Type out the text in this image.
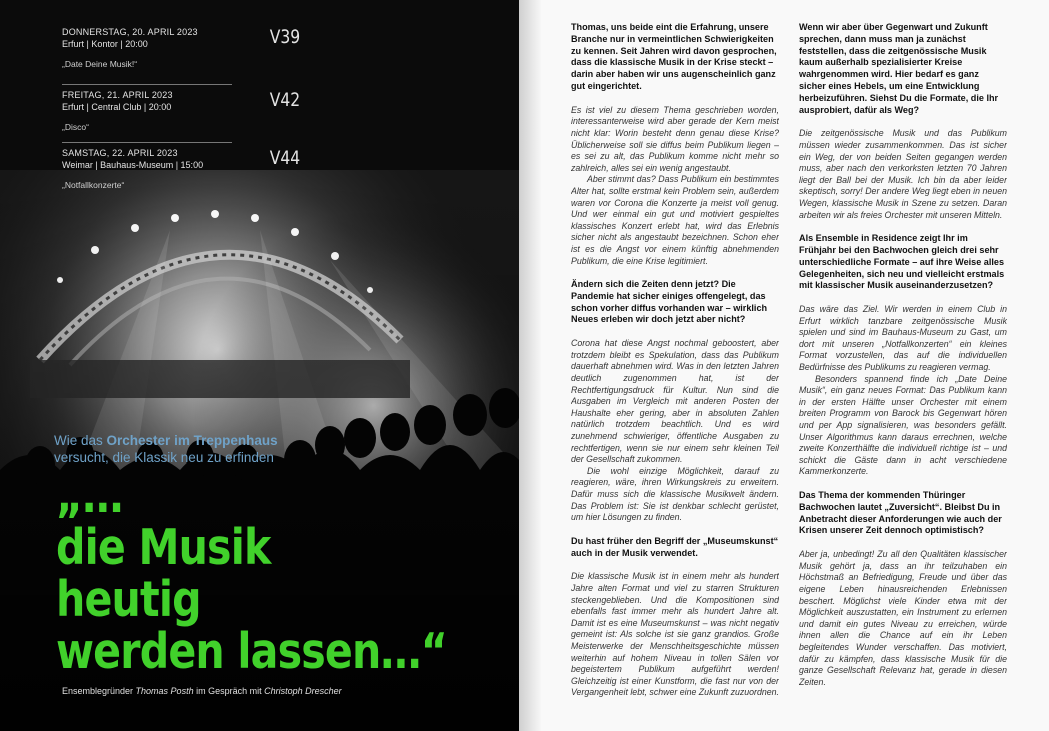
DONNERSTAG, 20. APRIL 2023
Erfurt | Kontor | 20:00
„Date Deine Musik!“
V39
FREITAG, 21. APRIL 2023
Erfurt | Central Club | 20:00
„Disco“
V42
SAMSTAG, 22. APRIL 2023
Weimar | Bauhaus-Museum | 15:00
„Notfallkonzerte“
V44
Wie das Orchester im Treppenhaus
versucht, die Klassik neu zu erfinden
„…
die Musik
heutig
werden lassen…“
Ensemblegründer Thomas Posth im Gespräch mit Christoph Drescher

Thomas, uns beide eint die Erfahrung, unsere Branche nur in vermeintlichen Schwierigkeiten zu kennen. Seit Jahren wird davon gesprochen, dass die klassische Musik in der Krise steckt – darin aber haben wir uns augenscheinlich ganz gut eingerichtet.

Es ist viel zu diesem Thema geschrieben worden, interessanterweise wird aber gerade der Kern meist nicht klar: Worin besteht denn genau diese Krise? Üblicherweise soll sie diffus beim Publikum liegen – es sei zu alt, das Publikum komme nicht mehr so zahlreich, alles sei ein wenig angestaubt.
Aber stimmt das? Dass Publikum ein bestimmtes Alter hat, sollte erstmal kein Problem sein, außerdem waren vor Corona die Konzerte ja meist voll genug. Und wer einmal ein gut und motiviert gespieltes klassisches Konzert erlebt hat, wird das Erlebnis sicher nicht als angestaubt bezeichnen. Schon eher ist es die Angst vor einem künftig abnehmenden Publikum, die eine Krise legitimiert.

Ändern sich die Zeiten denn jetzt? Die Pandemie hat sicher einiges offengelegt, das schon vorher diffus vorhanden war – wirklich Neues erleben wir doch jetzt aber nicht?

Corona hat diese Angst nochmal geboostert, aber trotzdem bleibt es Spekulation, dass das Publikum dauerhaft abnehmen wird. Was in den letzten Jahren deutlich zugenommen hat, ist der Rechtfertigungsdruck für Kultur. Nun sind die Ausgaben im Vergleich mit anderen Posten der Haushalte eher gering, aber in absoluten Zahlen natürlich trotzdem beachtlich. Und es wird zunehmend schwieriger, öffentliche Ausgaben zu rechtfertigen, wenn sie nur einem sehr kleinen Teil der Gesellschaft zukommen.
Die wohl einzige Möglichkeit, darauf zu reagieren, wäre, ihren Wirkungskreis zu erweitern. Dafür muss sich die klassische Musikwelt ändern. Das Problem ist: Sie ist denkbar schlecht gerüstet, um hier Lösungen zu finden.

Du hast früher den Begriff der „Museumskunst“ auch in der Musik verwendet.

Die klassische Musik ist in einem mehr als hundert Jahre alten Format und viel zu starren Strukturen steckengeblieben. Und die Kompositionen sind ebenfalls fast immer mehr als hundert Jahre alt. Damit ist es eine Museumskunst – was nicht negativ gemeint ist: Als solche ist sie ganz grandios. Große Meisterwerke der Menschheitsgeschichte müssen weiterhin auf hohem Niveau in tollen Sälen vor begeistertem Publikum aufgeführt werden! Gleichzeitig ist einer Kunstform, die fast nur von der Vergangenheit lebt, schwer eine Zukunft zuzuordnen.

Wenn wir aber über Gegenwart und Zukunft sprechen, dann muss man ja zunächst feststellen, dass die zeitgenössische Musik kaum außerhalb spezialisierter Kreise wahrgenommen wird. Hier bedarf es ganz sicher eines Hebels, um eine Entwicklung herbeizuführen. Siehst Du die Formate, die Ihr ausprobiert, dafür als Weg?

Die zeitgenössische Musik und das Publikum müssen wieder zusammenkommen. Das ist sicher ein Weg, der von beiden Seiten gegangen werden muss, aber nach den verkorksten letzten 70 Jahren liegt der Ball bei der Musik. Ich bin da aber leider skeptisch, sorry! Der andere Weg liegt eben in neuen Wegen, klassische Musik in Szene zu setzen. Daran arbeiten wir als freies Orchester mit unseren Mitteln.

Als Ensemble in Residence zeigt Ihr im Frühjahr bei den Bachwochen gleich drei sehr unterschiedliche Formate – auf ihre Weise alles Gelegenheiten, sich neu und vielleicht erstmals mit klassischer Musik auseinanderzusetzen?

Das wäre das Ziel. Wir werden in einem Club in Erfurt wirklich tanzbare zeitgenössische Musik spielen und sind im Bauhaus-Museum zu Gast, um dort mit unseren „Notfallkonzerten“ ein kleines Format vorzustellen, das auf die individuellen Bedürfnisse des Publikums zu reagieren vermag.
Besonders spannend finde ich „Date Deine Musik“, ein ganz neues Format: Das Publikum kann in der ersten Hälfte unser Orchester mit einem breiten Programm von Barock bis Gegenwart hören und per App signalisieren, was besonders gefällt. Unser Algorithmus kann daraus errechnen, welche zweite Konzerthälfte die individuell richtige ist – und schickt die Gäste dann in acht verschiedene Kammerkonzerte.

Das Thema der kommenden Thüringer Bachwochen lautet „Zuversicht“. Bleibst Du in Anbetracht dieser Anforderungen wie auch der Krisen unserer Zeit dennoch optimistisch?

Aber ja, unbedingt! Zu all den Qualitäten klassischer Musik gehört ja, dass an ihr teilzuhaben ein Höchstmaß an Befriedigung, Freude und über das eigene Leben hinausreichenden Erlebnissen beschert. Möglichst viele Kinder etwa mit der Möglichkeit auszustatten, ein Instrument zu erlernen und damit ein gutes Niveau zu erreichen, würde ihnen allen die Chance auf ein ihr Leben begleitendes Wunder verschaffen. Das motiviert, dafür zu kämpfen, dass klassische Musik für die ganze Gesellschaft Relevanz hat, gerade in diesen Zeiten.
